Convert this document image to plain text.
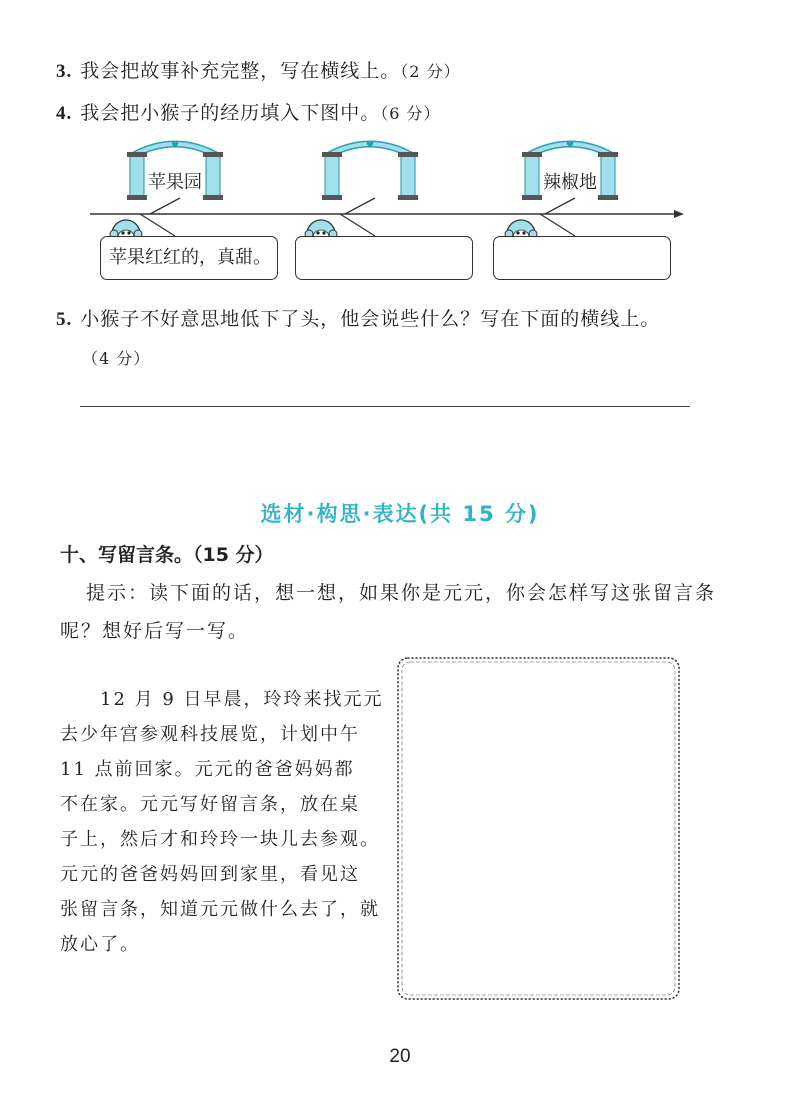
3. 我会把故事补充完整，写在横线上。（2 分）
4. 我会把小猴子的经历填入下图中。（6 分）
♥	♥	♥
苹果园	辣椒地
苹果红红的，真甜。
5. 小猴子不好意思地低下了头，他会说些什么？写在下面的横线上。
（4 分）
选材·构思·表达(共 15 分)
十、写留言条。（15 分）
提示：读下面的话，想一想，如果你是元元，你会怎样写这张留言条
呢？想好后写一写。
12 月 9 日早晨，玲玲来找元元
去少年宫参观科技展览，计划中午
11 点前回家。元元的爸爸妈妈都
不在家。元元写好留言条，放在桌
子上，然后才和玲玲一块儿去参观。
元元的爸爸妈妈回到家里，看见这
张留言条，知道元元做什么去了，就
放心了。
20
